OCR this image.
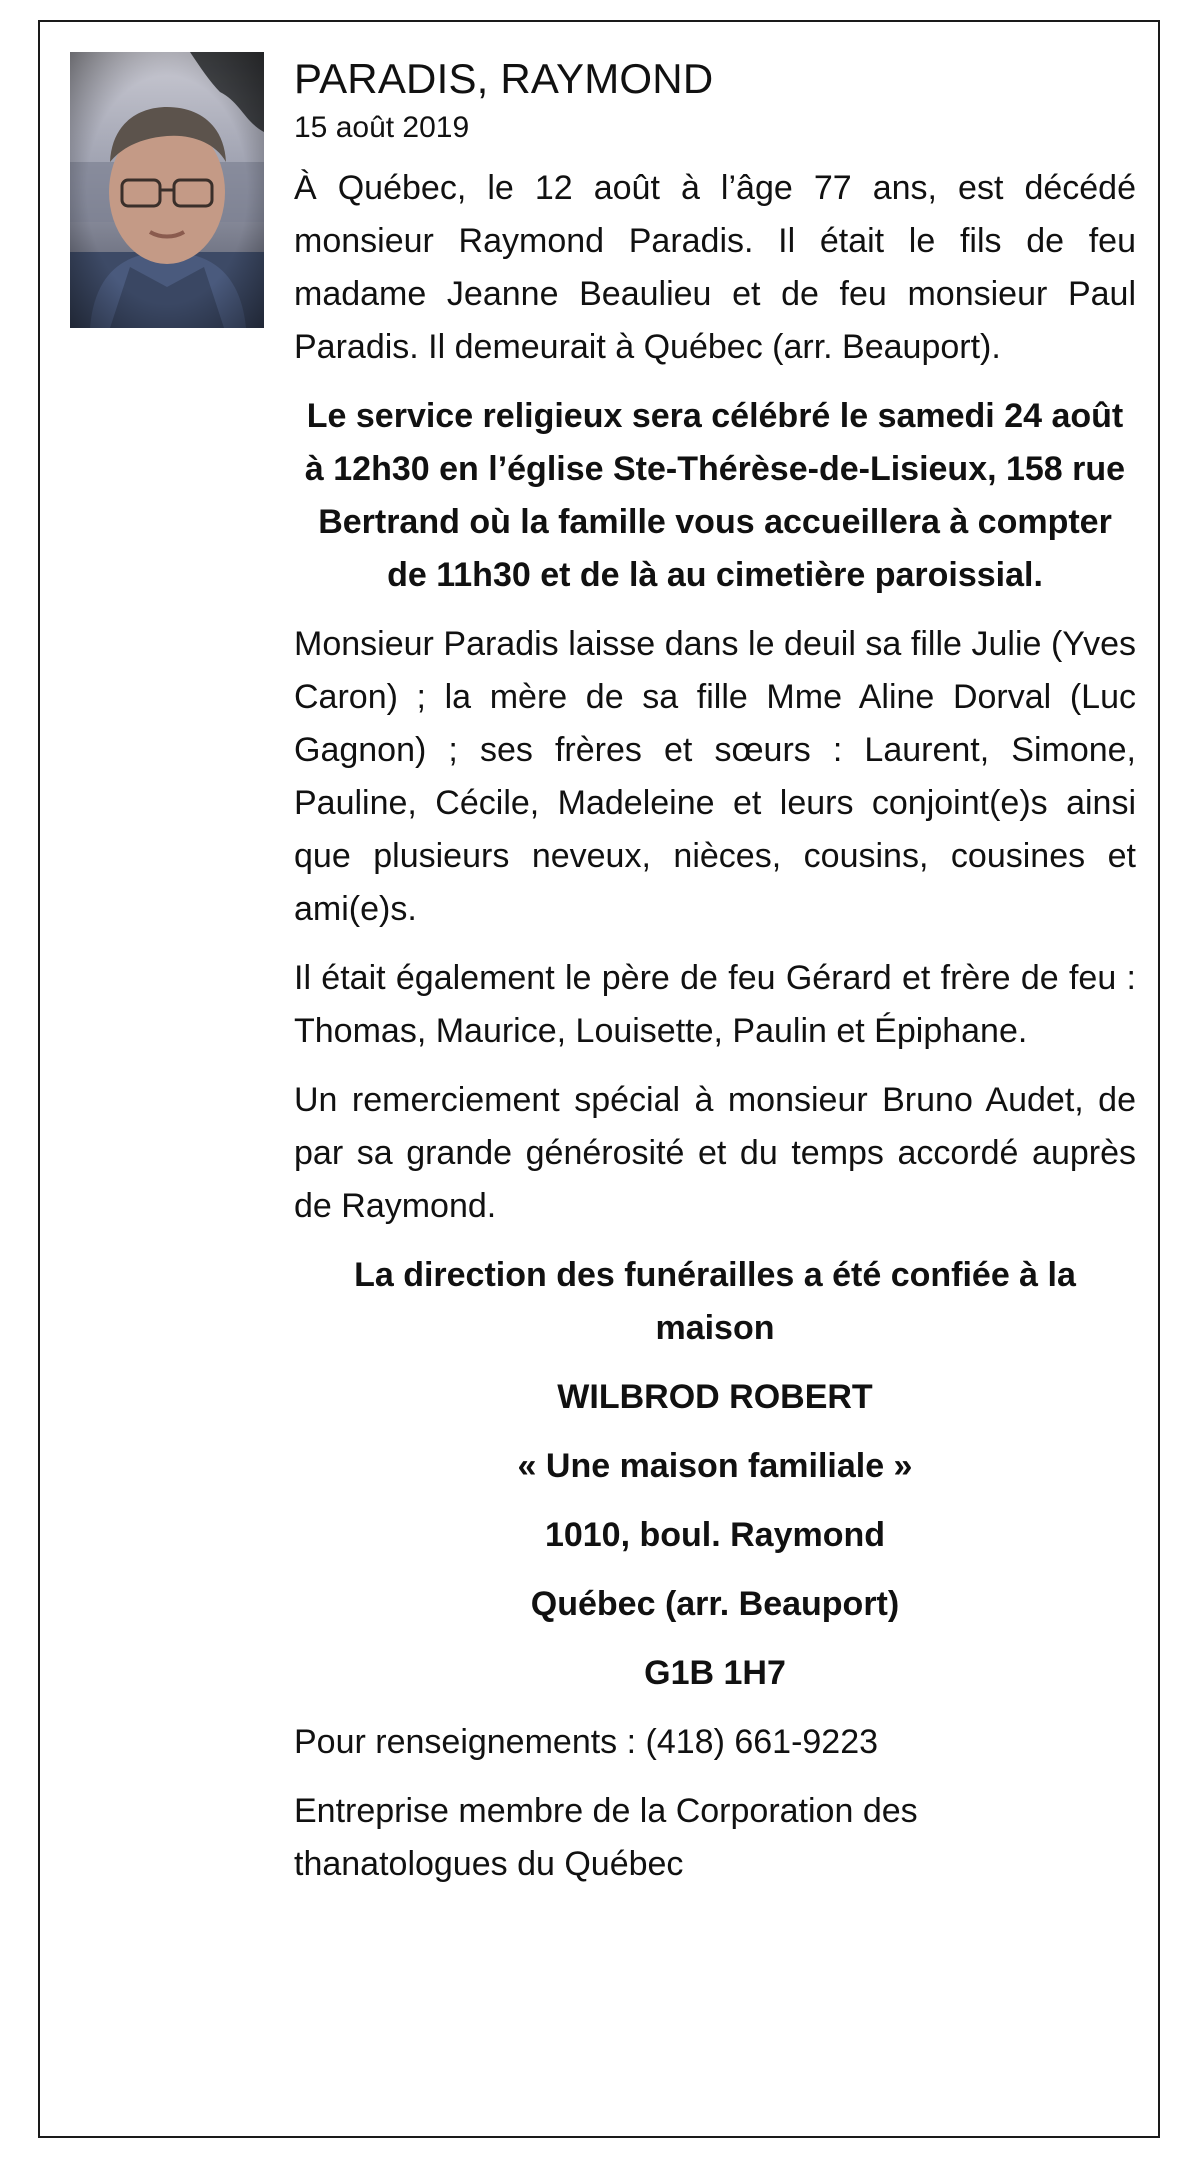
PARADIS, RAYMOND
15 août 2019

À Québec, le 12 août à l’âge 77 ans, est décédé monsieur Raymond Paradis. Il était le fils de feu madame Jeanne Beaulieu et de feu monsieur Paul Paradis. Il demeurait à Québec (arr. Beauport).

Le service religieux sera célébré le samedi 24 août à 12h30 en l’église Ste-Thérèse-de-Lisieux, 158 rue Bertrand où la famille vous accueillera à compter de 11h30 et de là au cimetière paroissial.

Monsieur Paradis laisse dans le deuil sa fille Julie (Yves Caron) ; la mère de sa fille Mme Aline Dorval (Luc Gagnon) ; ses frères et sœurs : Laurent, Simone, Pauline, Cécile, Madeleine et leurs conjoint(e)s ainsi que plusieurs neveux, nièces, cousins, cousines et ami(e)s.

Il était également le père de feu Gérard et frère de feu : Thomas, Maurice, Louisette, Paulin et Épiphane.

Un remerciement spécial à monsieur Bruno Audet, de par sa grande générosité et du temps accordé auprès de Raymond.

La direction des funérailles a été confiée à la maison

WILBROD ROBERT

« Une maison familiale »

1010, boul. Raymond

Québec (arr. Beauport)

G1B 1H7

Pour renseignements : (418) 661-9223

Entreprise membre de la Corporation des thanatologues du Québec
